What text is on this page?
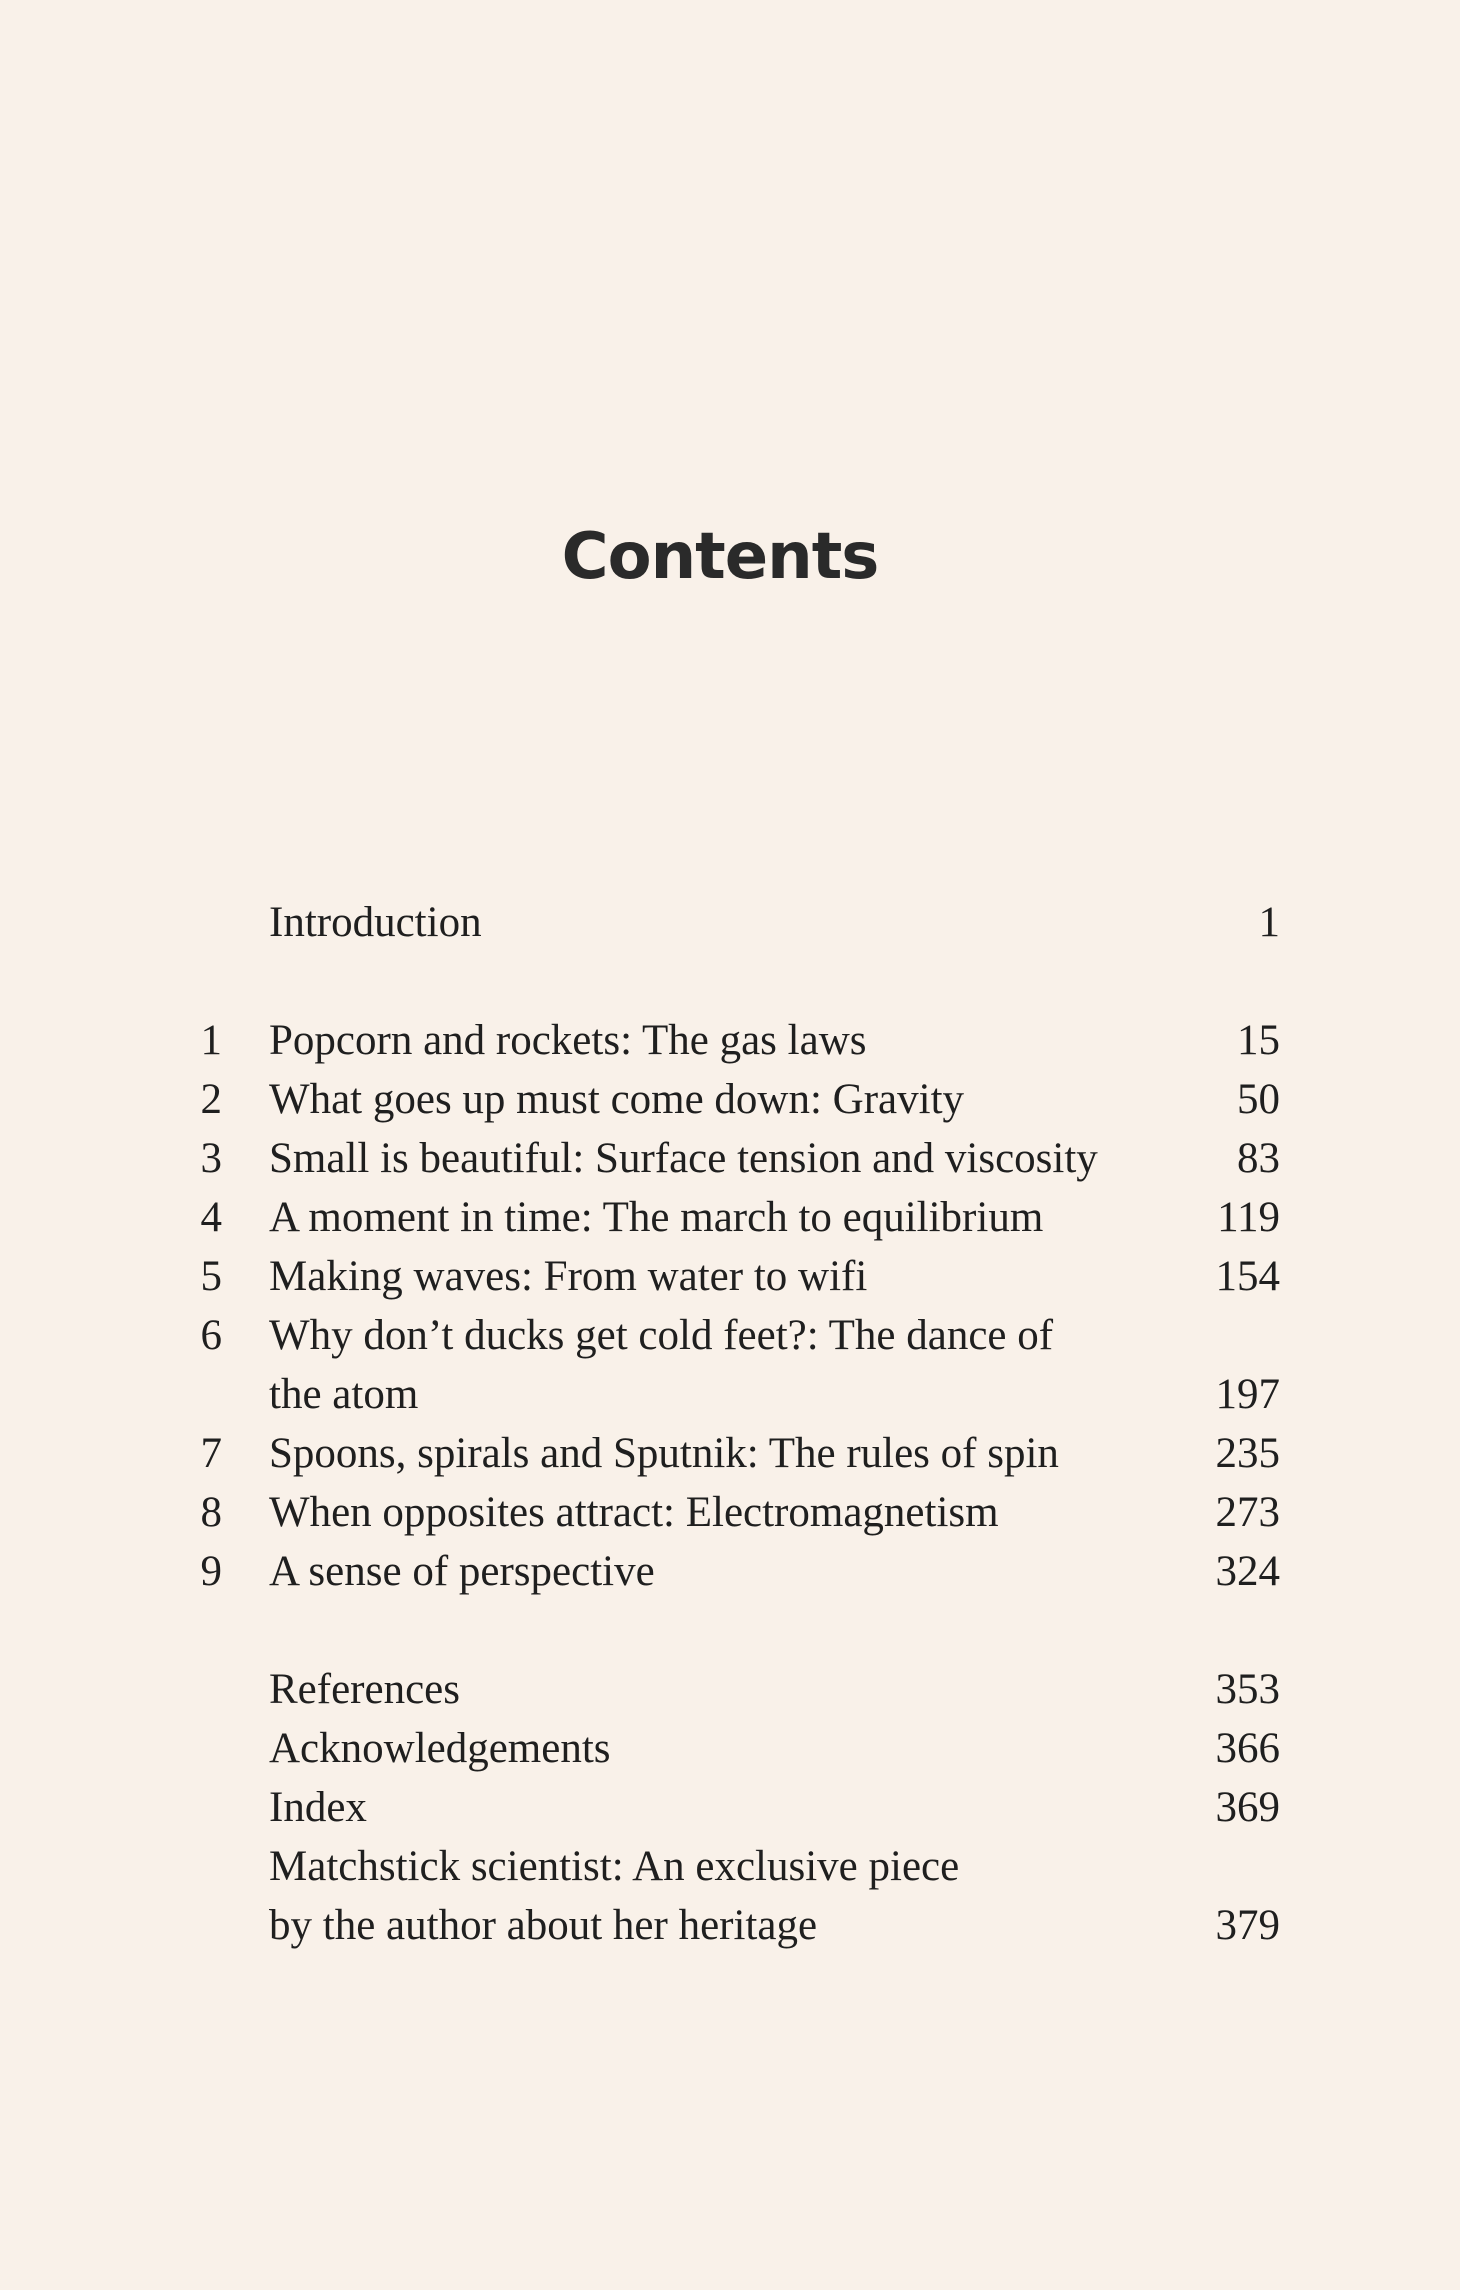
Contents
Introduction	1
1 Popcorn and rockets: The gas laws	15
2 What goes up must come down: Gravity	50
3 Small is beautiful: Surface tension and viscosity	83
4 A moment in time: The march to equilibrium	119
5 Making waves: From water to wifi	154
6 Why don’t ducks get cold feet?: The dance of
the atom	197
7 Spoons, spirals and Sputnik: The rules of spin	235
8 When opposites attract: Electromagnetism	273
9 A sense of perspective	324
References	353
Acknowledgements	366
Index	369
Matchstick scientist: An exclusive piece
by the author about her heritage	379
